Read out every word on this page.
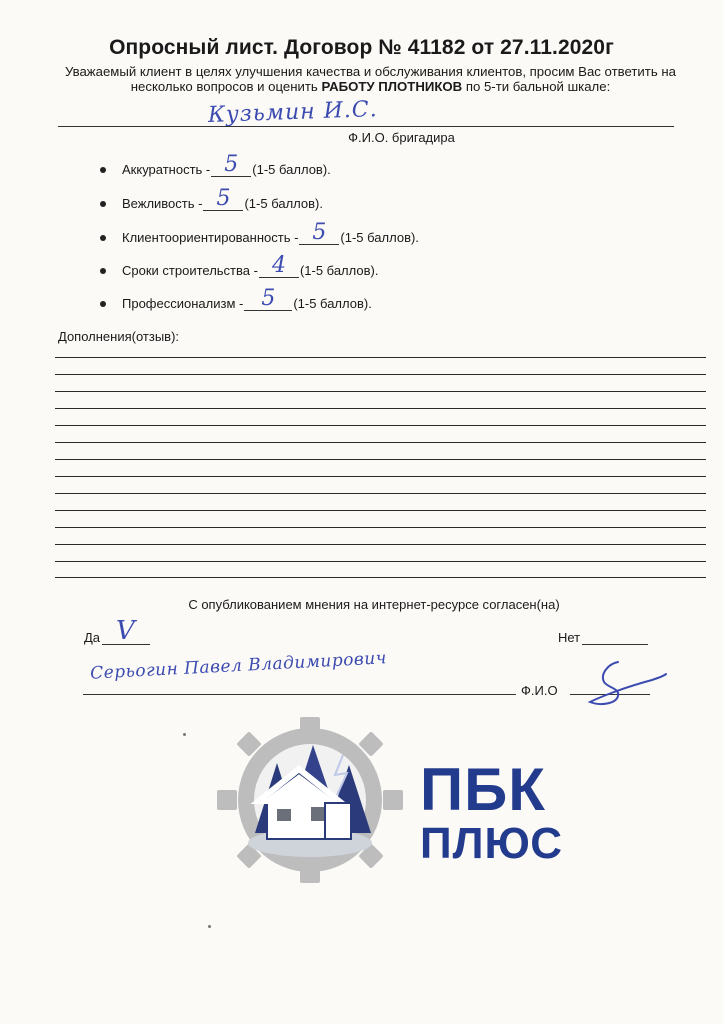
Опросный лист. Договор № 41182 от 27.11.2020г
Уважаемый клиент в целях улучшения качества и обслуживания клиентов, просим Вас ответить на несколько вопросов и оценить РАБОТУ ПЛОТНИКОВ по 5-ти бальной шкале:
Кузьмин И.С.
Ф.И.О. бригадира
Аккуратность - 5	(1-5 баллов).
Вежливость - 5	(1-5 баллов).
Клиентоориентированность - 5	(1-5 баллов).
Сроки строительства - 4	(1-5 баллов).
Профессионализм - 5	(1-5 баллов).
Дополнения(отзыв):
С опубликованием мнения на интернет-ресурсе согласен(на)
Да V	Нет
Серьогин Павел Владимирович
Ф.И.О
ПБК
ПЛЮС
